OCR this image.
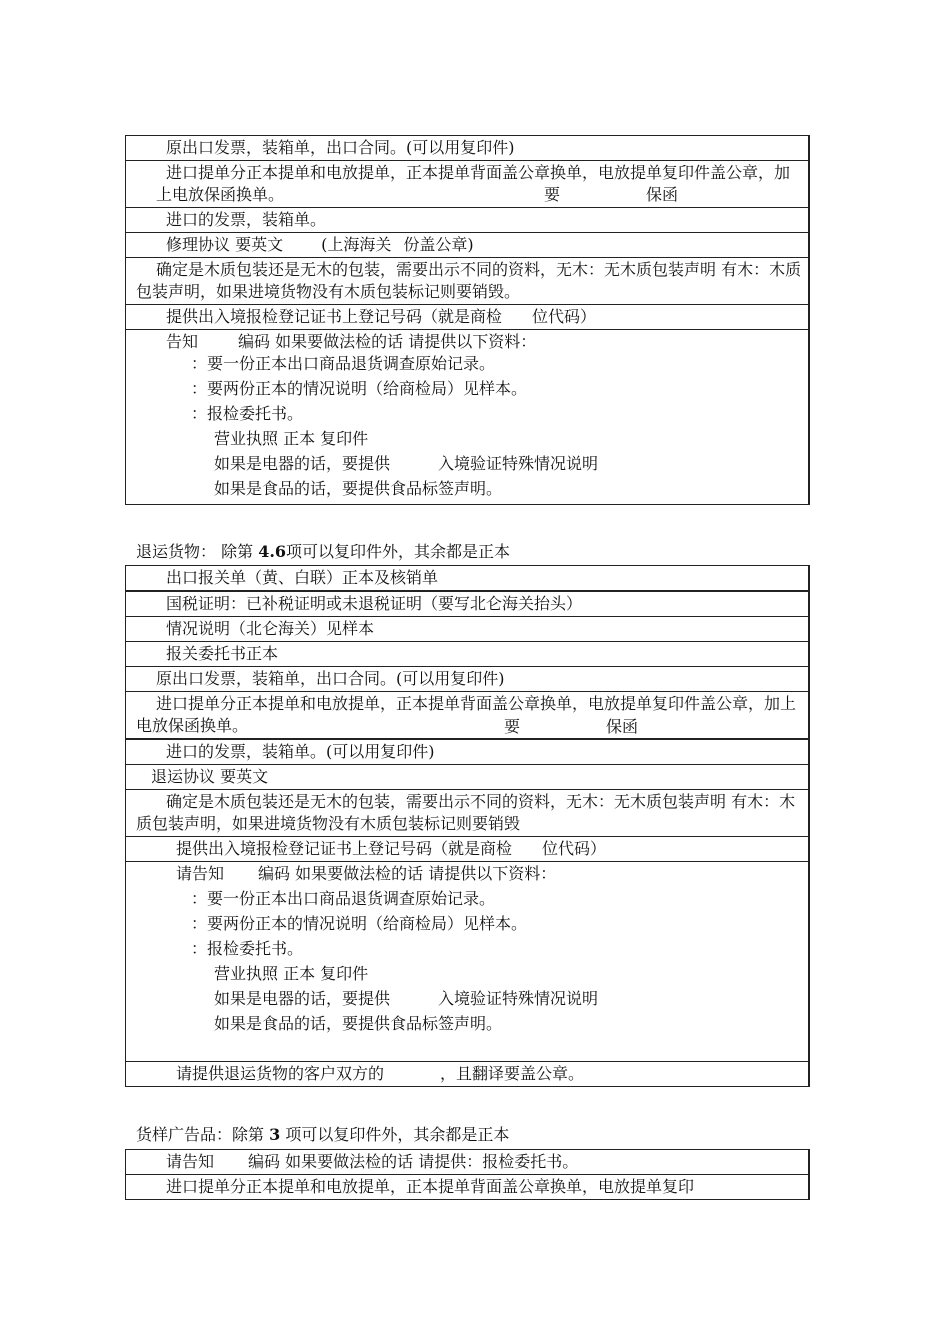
原出口发票，装箱单，出口合同。(可以用复印件)
进口提单分正本提单和电放提单，正本提单背面盖公章换单，电放提单复印件盖公章，加上电放保函换单。	要	保函
进口的发票，装箱单。
修理协议 要英文 (上海海关 份盖公章)
确定是木质包装还是无木的包装，需要出示不同的资料，无木：无木质包装声明 有木：木质包装声明，如果进境货物没有木质包装标记则要销毁。
提供出入境报检登记证书上登记号码（就是商检 位代码）
告知	编码 如果要做法检的话 请提供以下资料：
：要一份正本出口商品退货调查原始记录。
：要两份正本的情况说明（给商检局）见样本。
：报检委托书。
营业执照 正本 复印件
如果是电器的话，要提供	入境验证特殊情况说明
如果是食品的话，要提供食品标签声明。
退运货物： 除第 4.6项可以复印件外，其余都是正本
出口报关单（黄、白联）正本及核销单
国税证明：已补税证明或未退税证明（要写北仑海关抬头）
情况说明（北仑海关）见样本
报关委托书正本
原出口发票，装箱单，出口合同。(可以用复印件)
进口提单分正本提单和电放提单，正本提单背面盖公章换单，电放提单复印件盖公章，加上电放保函换单。	要	保函
进口的发票，装箱单。(可以用复印件)
退运协议 要英文
确定是木质包装还是无木的包装，需要出示不同的资料，无木：无木质包装声明 有木：木质包装声明，如果进境货物没有木质包装标记则要销毁
提供出入境报检登记证书上登记号码（就是商检 位代码）
请告知 编码 如果要做法检的话 请提供以下资料：
：要一份正本出口商品退货调查原始记录。
：要两份正本的情况说明（给商检局）见样本。
：报检委托书。
营业执照 正本 复印件
如果是电器的话，要提供	入境验证特殊情况说明
如果是食品的话，要提供食品标签声明。
请提供退运货物的客户双方的	，且翻译要盖公章。
货样广告品：除第 3 项可以复印件外，其余都是正本
请告知 编码 如果要做法检的话 请提供：报检委托书。
进口提单分正本提单和电放提单，正本提单背面盖公章换单，电放提单复印
